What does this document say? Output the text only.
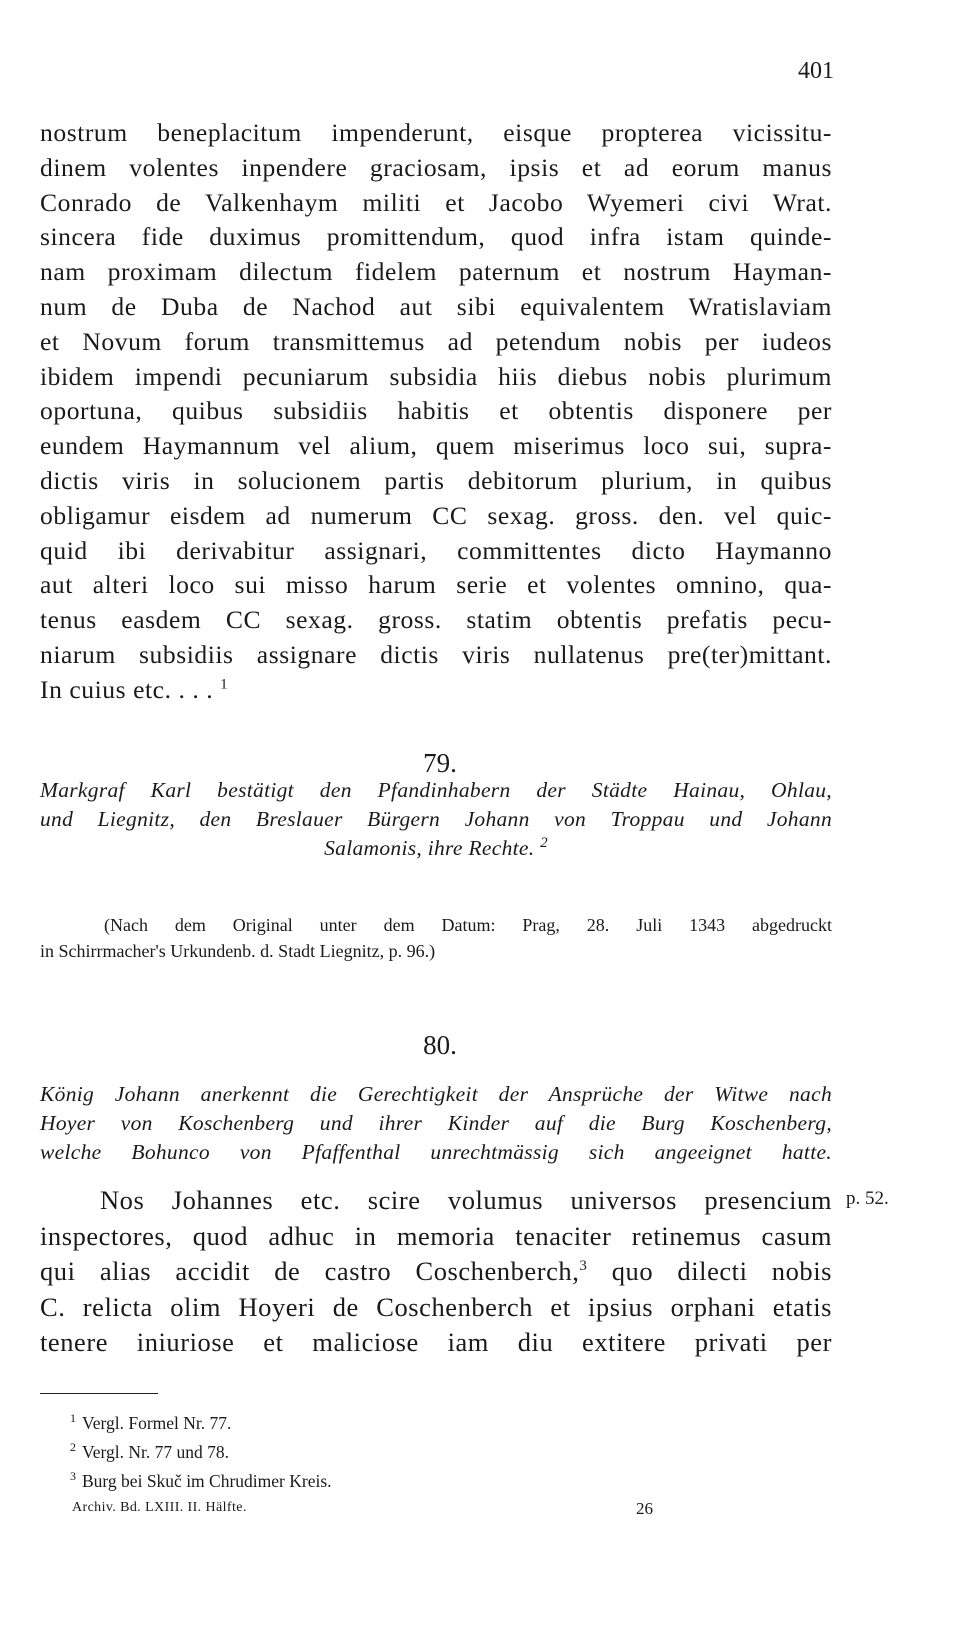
401

nostrum beneplacitum impenderunt, eisque propterea vicissitu-
dinem volentes inpendere graciosam, ipsis et ad eorum manus
Conrado de Valkenhaym militi et Jacobo Wyemeri civi Wrat.
sincera fide duximus promittendum, quod infra istam quinde-
nam proximam dilectum fidelem paternum et nostrum Hayman-
num de Duba de Nachod aut sibi equivalentem Wratislaviam
et Novum forum transmittemus ad petendum nobis per iudeos
ibidem impendi pecuniarum subsidia hiis diebus nobis plurimum
oportuna, quibus subsidiis habitis et obtentis disponere per
eundem Haymannum vel alium, quem miserimus loco sui, supra-
dictis viris in solucionem partis debitorum plurium, in quibus
obligamur eisdem ad numerum CC sexag. gross. den. vel quic-
quid ibi derivabitur assignari, committentes dicto Haymanno
aut alteri loco sui misso harum serie et volentes omnino, qua-
tenus easdem CC sexag. gross. statim obtentis prefatis pecu-
niarum subsidiis assignare dictis viris nullatenus pre(ter)mittant.
In cuius etc. . . . $^1$

79.
Markgraf Karl bestätigt den Pfandinhabern der Städte Hainau, Ohlau,
und Liegnitz, den Breslauer Bürgern Johann von Troppau und Johann
Salamonis, ihre Rechte. $^2$
(Nach dem Original unter dem Datum: Prag, 28. Juli 1343 abgedruckt
in Schirrmacher's Urkundenb. d. Stadt Liegnitz, p. 96.)
80.
König Johann anerkennt die Gerechtigkeit der Ansprüche der Witwe nach
Hoyer von Koschenberg und ihrer Kinder auf die Burg Koschenberg,
welche Bohunco von Pfaffenthal unrechtmässig sich angeeignet hatte.
p. 52.

Nos Johannes etc. scire volumus universos presencium
inspectores, quod adhuc in memoria tenaciter retinemus casum
qui alias accidit de castro Coschenberch,$^3$ quo dilecti nobis
C. relicta olim Hoyeri de Coschenberch et ipsius orphani etatis
tenere iniuriose et maliciose iam diu extitere privati per

$^1$ Vergl. Formel Nr. 77.
$^2$ Vergl. Nr. 77 und 78.
$^3$ Burg bei Skuč im Chrudimer Kreis.
Archiv. Bd. LXIII. II. Hälfte.	26
